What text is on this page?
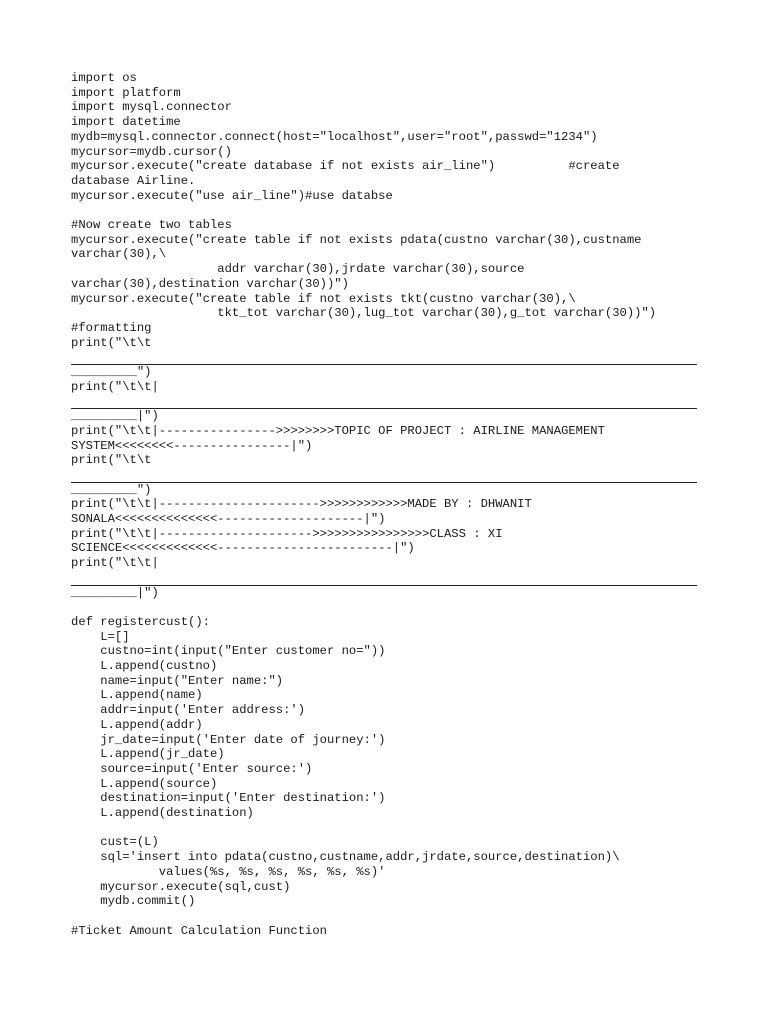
import os
import platform
import mysql.connector
import datetime
mydb=mysql.connector.connect(host="localhost",user="root",passwd="1234")
mycursor=mydb.cursor()
mycursor.execute("create database if not exists air_line")          #create
database Airline.
mycursor.execute("use air_line")#use databse
#Now create two tables
mycursor.execute("create table if not exists pdata(custno varchar(30),custname
varchar(30),\
addr varchar(30),jrdate varchar(30),source
varchar(30),destination varchar(30))")
mycursor.execute("create table if not exists tkt(custno varchar(30),\
tkt_tot varchar(30),lug_tot varchar(30),g_tot varchar(30))")
#formatting
print("\t\t
_________")
print("\t\t|
_________|")
print("\t\t|---------------->>>>>>>>TOPIC OF PROJECT : AIRLINE MANAGEMENT
SYSTEM<<<<<<<<----------------|")
print("\t\t
_________")
print("\t\t|---------------------->>>>>>>>>>>>MADE BY : DHWANIT
SONALA<<<<<<<<<<<<<<--------------------|")
print("\t\t|--------------------->>>>>>>>>>>>>>>>CLASS : XI
SCIENCE<<<<<<<<<<<<<------------------------|")
print("\t\t|
_________|")
def registercust():
L=[]
custno=int(input("Enter customer no="))
L.append(custno)
name=input("Enter name:")
L.append(name)
addr=input('Enter address:')
L.append(addr)
jr_date=input('Enter date of journey:')
L.append(jr_date)
source=input('Enter source:')
L.append(source)
destination=input('Enter destination:')
L.append(destination)
cust=(L)
sql='insert into pdata(custno,custname,addr,jrdate,source,destination)\
values(%s, %s, %s, %s, %s, %s)'
mycursor.execute(sql,cust)
mydb.commit()
#Ticket Amount Calculation Function
